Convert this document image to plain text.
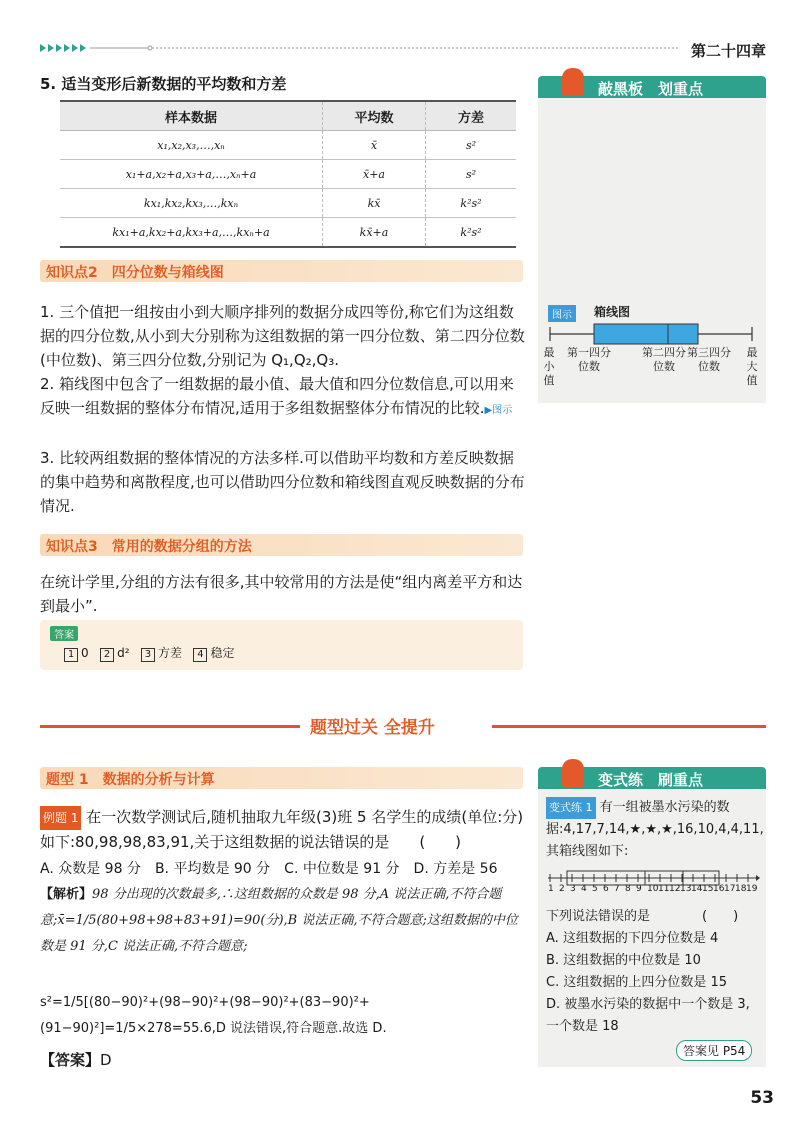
第二十四章
5. 适当变形后新数据的平均数和方差
样本数据	平均数	方差
x₁,x₂,x₃,…,xₙ	x̄	s²
x₁+a,x₂+a,x₃+a,…,xₙ+a	x̄+a	s²
kx₁,kx₂,kx₃,…,kxₙ	kx̄	k²s²
kx₁+a,kx₂+a,kx₃+a,…,kxₙ+a	kx̄+a	k²s²
知识点2　四分位数与箱线图
1. 三个值把一组按由小到大顺序排列的数据分成四等份,称它们为这组数据的四分位数,从小到大分别称为这组数据的第一四分位数、第二四分位数(中位数)、第三四分位数,分别记为 Q₁,Q₂,Q₃.
2. 箱线图中包含了一组数据的最小值、最大值和四分位数信息,可以用来反映一组数据的整体分布情况,适用于多组数据整体分布情况的比较.▶图示
3. 比较两组数据的整体情况的方法多样.可以借助平均数和方差反映数据的集中趋势和离散程度,也可以借助四分位数和箱线图直观反映数据的分布情况.
知识点3　常用的数据分组的方法
在统计学里,分组的方法有很多,其中较常用的方法是使“组内离差平方和达到最小”.
答案
1 0 2 d² 3 方差 4 稳定
敲黑板　划重点
图示	箱线图
最小值
第一四分位数
第二四分位数
第三四分位数
最大值
题型过关 全提升
题型 1　数据的分析与计算
例题 1 在一次数学测试后,随机抽取九年级(3)班 5 名学生的成绩(单位:分)如下:80,98,98,83,91,关于这组数据的说法错误的是　　(　　)
A. 众数是 98 分　B. 平均数是 90 分　C. 中位数是 91 分　D. 方差是 56
【解析】98 分出现的次数最多,∴这组数据的众数是 98 分,A 说法正确,不符合题意;x̄=1/5(80+98+98+83+91)=90(分),B 说法正确,不符合题意;这组数据的中位数是 91 分,C 说法正确,不符合题意;
s²=1/5[(80−90)²+(98−90)²+(98−90)²+(83−90)²+(91−90)²]=1/5×278=55.6,D 说法错误,符合题意.故选 D.
【答案】D
变式练　刷重点
变式练 1 有一组被墨水污染的数据:4,17,7,14,★,★,★,16,10,4,4,11,其箱线图如下:
1 2 3 4 5 6 7 8 9 10 11 12 13 14 15 16 17 18 19
下列说法错误的是　　　　(　　)
A. 这组数据的下四分位数是 4
B. 这组数据的中位数是 10
C. 这组数据的上四分位数是 15
D. 被墨水污染的数据中一个数是 3,一个数是 18
答案见 P54
53
